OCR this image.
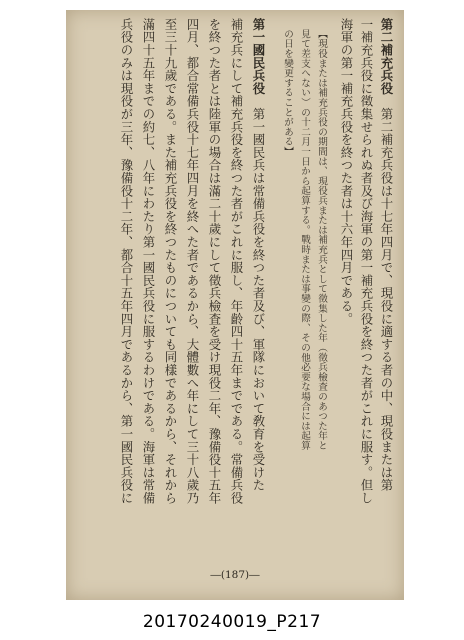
第二補充兵役　第二補充兵役は十七年四月で、現役に適する者の中、現役または第
一補充兵役に徵集せられぬ者及び海軍の第一補充兵役を終つた者がこれに服す。但し
海軍の第一補充兵役を終つた者は十六年四月である。
【現役または補充兵役の期間は、現役兵または補充兵として徵集した年（徵兵檢査のあつた年と
見て差支へない）の十二月一日から起算する。戰時または事變の際、その他必要な場合には起算
の日を變更することがある】
第一國民兵役　第一國民兵は常備兵役を終つた者及び、軍隊において敎育を受けた
補充兵にして補充兵役を終つた者がこれに服し、年齡四十五年までである。常備兵役
を終つた者とは陸軍の場合は滿二十歲にして徵兵檢査を受け現役二年、豫備役十五年
四月、都合常備兵役十七年四月を終へた者であるから、大體數へ年にして三十八歲乃
至三十九歲である。また補充兵役を終つたものについても同樣であるから、それから
滿四十五年までの約七、八年にわたり第一國民兵役に服するわけである。海軍は常備
兵役のみは現役が三年、豫備役十二年、都合十五年四月であるから、第一國民兵役に
―(187)―
20170240019_P217
